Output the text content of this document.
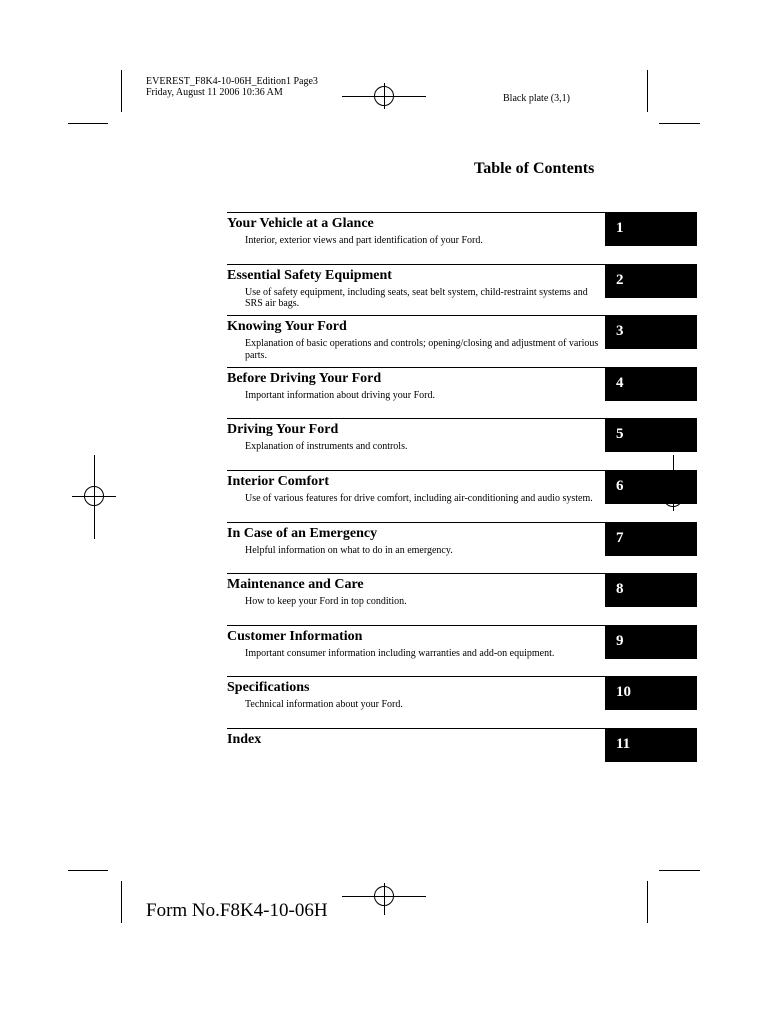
EVEREST_F8K4-10-06H_Edition1 Page3
Friday, August 11 2006 10:36 AM
Black plate (3,1)
Table of Contents
Your Vehicle at a Glance
Interior, exterior views and part identification of your Ford.
1
Essential Safety Equipment
Use of safety equipment, including seats, seat belt system, child-restraint systems and SRS air bags.
2
Knowing Your Ford
Explanation of basic operations and controls; opening/closing and adjustment of various parts.
3
Before Driving Your Ford
Important information about driving your Ford.
4
Driving Your Ford
Explanation of instruments and controls.
5
Interior Comfort
Use of various features for drive comfort, including air-conditioning and audio system.
6
In Case of an Emergency
Helpful information on what to do in an emergency.
7
Maintenance and Care
How to keep your Ford in top condition.
8
Customer Information
Important consumer information including warranties and add-on equipment.
9
Specifications
Technical information about your Ford.
10
Index	11
Form No.F8K4-10-06H
